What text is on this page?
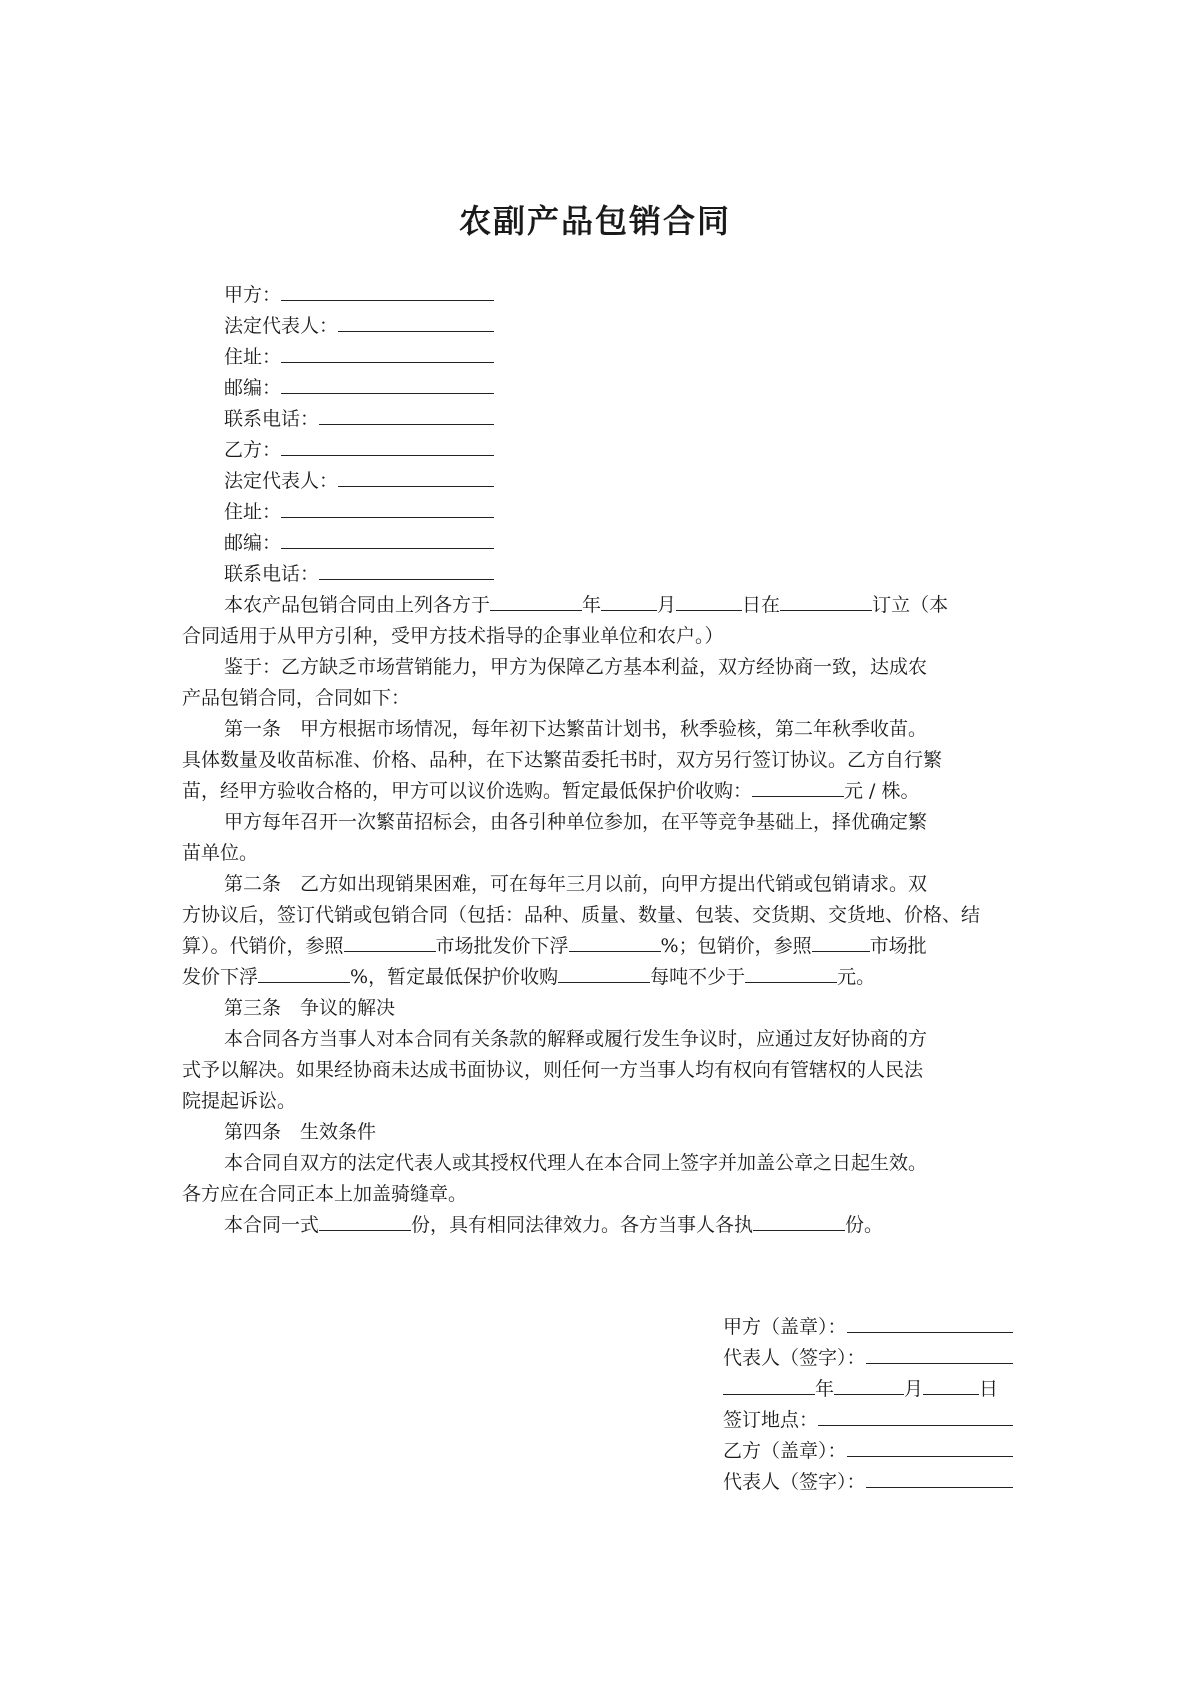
农副产品包销合同
甲方：
法定代表人：
住址：
邮编：
联系电话：
乙方：
法定代表人：
住址：
邮编：
联系电话：
本农产品包销合同由上列各方于	年	月	日在	订立（本
合同适用于从甲方引种，受甲方技术指导的企事业单位和农户。）
鉴于：乙方缺乏市场营销能力，甲方为保障乙方基本利益，双方经协商一致，达成农
产品包销合同，合同如下：
第一条　甲方根据市场情况，每年初下达繁苗计划书，秋季验核，第二年秋季收苗。
具体数量及收苗标准、价格、品种，在下达繁苗委托书时，双方另行签订协议。乙方自行繁
苗，经甲方验收合格的，甲方可以议价选购。暂定最低保护价收购：	元 / 株。
甲方每年召开一次繁苗招标会，由各引种单位参加，在平等竞争基础上，择优确定繁
苗单位。
第二条　乙方如出现销果困难，可在每年三月以前，向甲方提出代销或包销请求。双
方协议后，签订代销或包销合同（包括：品种、质量、数量、包装、交货期、交货地、价格、结
算）。代销价，参照	市场批发价下浮	%；包销价，参照	市场批
发价下浮	%，暂定最低保护价收购	每吨不少于	元。
第三条　争议的解决
本合同各方当事人对本合同有关条款的解释或履行发生争议时，应通过友好协商的方
式予以解决。如果经协商未达成书面协议，则任何一方当事人均有权向有管辖权的人民法
院提起诉讼。
第四条　生效条件
本合同自双方的法定代表人或其授权代理人在本合同上签字并加盖公章之日起生效。
各方应在合同正本上加盖骑缝章。
本合同一式	份，具有相同法律效力。各方当事人各执	份。
甲方（盖章）：
代表人（签字）：
年	月	日
签订地点：
乙方（盖章）：
代表人（签字）：
